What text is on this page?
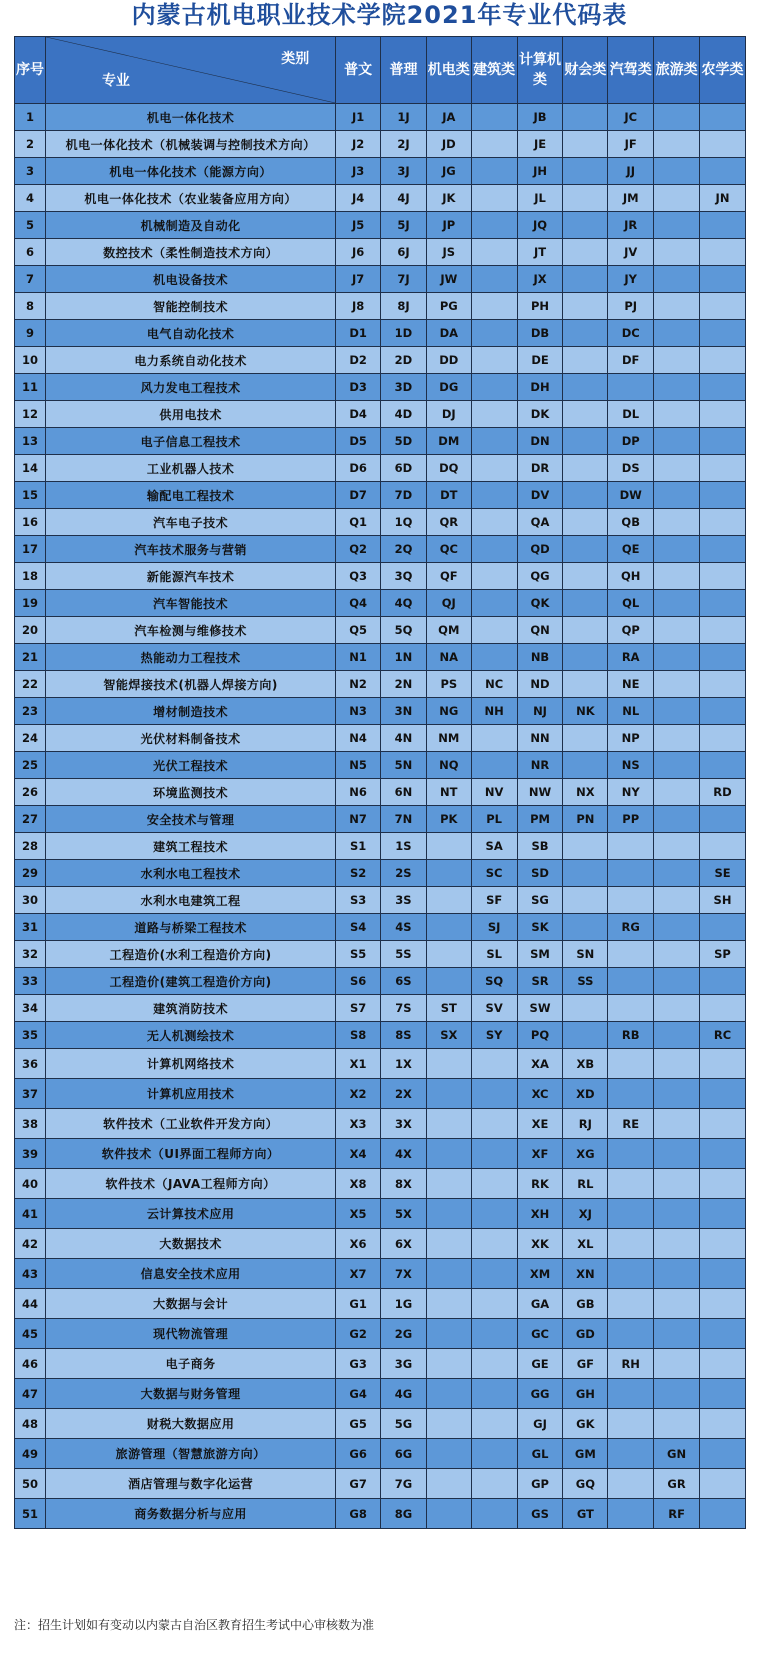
内蒙古机电职业技术学院2021年专业代码表
序号	类别
专业	普文	普理	机电类	建筑类	计算机类	财会类	汽驾类	旅游类	农学类
1	机电一体化技术	J1	1J	JA		JB		JC		
2	机电一体化技术（机械装调与控制技术方向）	J2	2J	JD		JE		JF		
3	机电一体化技术（能源方向）	J3	3J	JG		JH		JJ		
4	机电一体化技术（农业装备应用方向）	J4	4J	JK		JL		JM		JN
5	机械制造及自动化	J5	5J	JP		JQ		JR		
6	数控技术（柔性制造技术方向）	J6	6J	JS		JT		JV		
7	机电设备技术	J7	7J	JW		JX		JY		
8	智能控制技术	J8	8J	PG		PH		PJ		
9	电气自动化技术	D1	1D	DA		DB		DC		
10	电力系统自动化技术	D2	2D	DD		DE		DF		
11	风力发电工程技术	D3	3D	DG		DH				
12	供用电技术	D4	4D	DJ		DK		DL		
13	电子信息工程技术	D5	5D	DM		DN		DP		
14	工业机器人技术	D6	6D	DQ		DR		DS		
15	输配电工程技术	D7	7D	DT		DV		DW		
16	汽车电子技术	Q1	1Q	QR		QA		QB		
17	汽车技术服务与营销	Q2	2Q	QC		QD		QE		
18	新能源汽车技术	Q3	3Q	QF		QG		QH		
19	汽车智能技术	Q4	4Q	QJ		QK		QL		
20	汽车检测与维修技术	Q5	5Q	QM		QN		QP		
21	热能动力工程技术	N1	1N	NA		NB		RA		
22	智能焊接技术(机器人焊接方向)	N2	2N	PS	NC	ND		NE		
23	增材制造技术	N3	3N	NG	NH	NJ	NK	NL		
24	光伏材料制备技术	N4	4N	NM		NN		NP		
25	光伏工程技术	N5	5N	NQ		NR		NS		
26	环境监测技术	N6	6N	NT	NV	NW	NX	NY		RD
27	安全技术与管理	N7	7N	PK	PL	PM	PN	PP		
28	建筑工程技术	S1	1S		SA	SB				
29	水利水电工程技术	S2	2S		SC	SD				SE
30	水利水电建筑工程	S3	3S		SF	SG				SH
31	道路与桥梁工程技术	S4	4S		SJ	SK		RG		
32	工程造价(水利工程造价方向)	S5	5S		SL	SM	SN			SP
33	工程造价(建筑工程造价方向)	S6	6S		SQ	SR	SS			
34	建筑消防技术	S7	7S	ST	SV	SW				
35	无人机测绘技术	S8	8S	SX	SY	PQ		RB		RC
36	计算机网络技术	X1	1X			XA	XB			
37	计算机应用技术	X2	2X			XC	XD			
38	软件技术（工业软件开发方向）	X3	3X			XE	RJ	RE		
39	软件技术（UI界面工程师方向）	X4	4X			XF	XG			
40	软件技术（JAVA工程师方向）	X8	8X			RK	RL			
41	云计算技术应用	X5	5X			XH	XJ			
42	大数据技术	X6	6X			XK	XL			
43	信息安全技术应用	X7	7X			XM	XN			
44	大数据与会计	G1	1G			GA	GB			
45	现代物流管理	G2	2G			GC	GD			
46	电子商务	G3	3G			GE	GF	RH		
47	大数据与财务管理	G4	4G			GG	GH			
48	财税大数据应用	G5	5G			GJ	GK			
49	旅游管理（智慧旅游方向）	G6	6G			GL	GM		GN	
50	酒店管理与数字化运营	G7	7G			GP	GQ		GR	
51	商务数据分析与应用	G8	8G			GS	GT		RF	
注：招生计划如有变动以内蒙古自治区教育招生考试中心审核数为准
